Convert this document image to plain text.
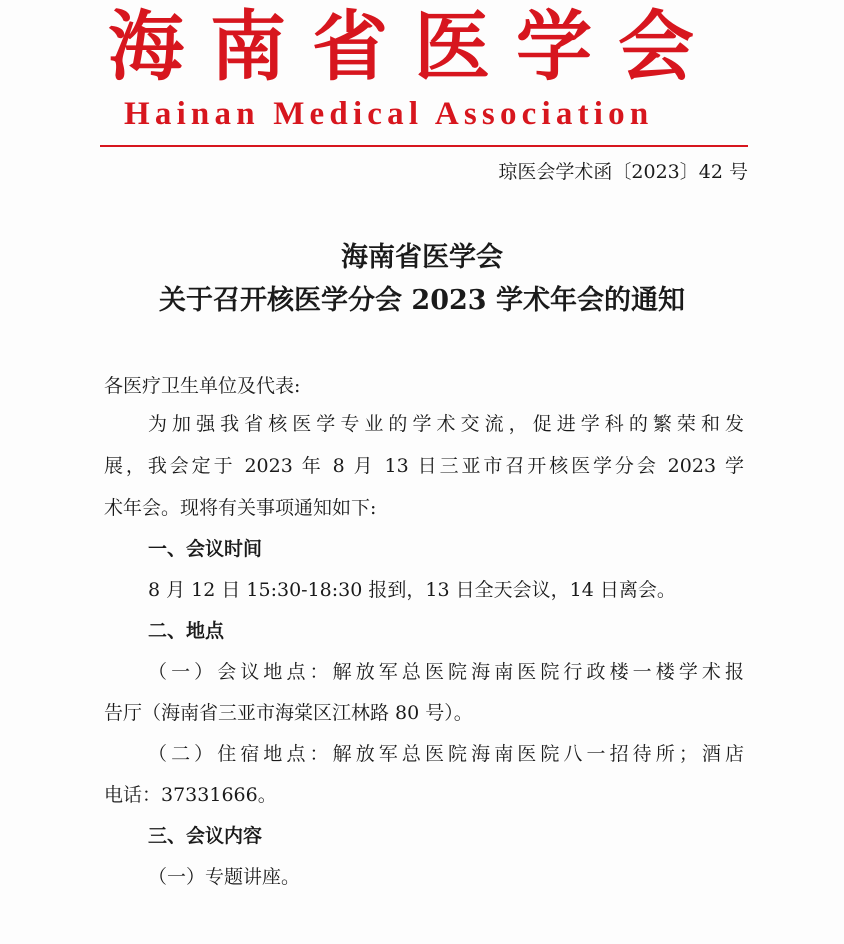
海南省医学会
Hainan Medical Association
琼医会学术函〔2023〕42 号
海南省医学会
关于召开核医学分会 2023 学术年会的通知
各医疗卫生单位及代表:
为加强我省核医学专业的学术交流，促进学科的繁荣和发
展，我会定于 2023 年 8 月 13 日三亚市召开核医学分会 2023 学
术年会。现将有关事项通知如下:
一、会议时间
8 月 12 日 15:30-18:30 报到，13 日全天会议，14 日离会。
二、地点
（一）会议地点：解放军总医院海南医院行政楼一楼学术报
告厅（海南省三亚市海棠区江林路 80 号）。
（二）住宿地点：解放军总医院海南医院八一招待所；酒店
电话：37331666。
三、会议内容
（一）专题讲座。
